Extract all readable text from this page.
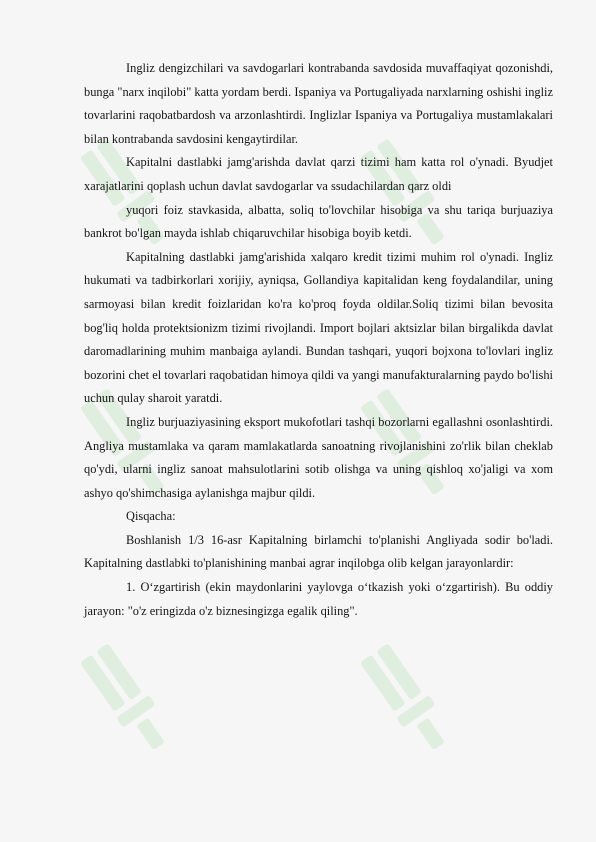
Ingliz dengizchilari va savdogarlari kontrabanda savdosida muvaffaqiyat qozonishdi, bunga "narx inqilobi" katta yordam berdi. Ispaniya va Portugaliyada narxlarning oshishi ingliz tovarlarini raqobatbardosh va arzonlashtirdi. Inglizlar Ispaniya va Portugaliya mustamlakalari bilan kontrabanda savdosini kengaytirdilar.

Kapitalni dastlabki jamg'arishda davlat qarzi tizimi ham katta rol o'ynadi. Byudjet xarajatlarini qoplash uchun davlat savdogarlar va ssudachilardan qarz oldi

yuqori foiz stavkasida, albatta, soliq to'lovchilar hisobiga va shu tariqa burjuaziya bankrot bo'lgan mayda ishlab chiqaruvchilar hisobiga boyib ketdi.

Kapitalning dastlabki jamg'arishida xalqaro kredit tizimi muhim rol o'ynadi. Ingliz hukumati va tadbirkorlari xorijiy, ayniqsa, Gollandiya kapitalidan keng foydalandilar, uning sarmoyasi bilan kredit foizlaridan ko'ra ko'proq foyda oldilar.Soliq tizimi bilan bevosita bog'liq holda protektsionizm tizimi rivojlandi. Import bojlari aktsizlar bilan birgalikda davlat daromadlarining muhim manbaiga aylandi. Bundan tashqari, yuqori bojxona to'lovlari ingliz bozorini chet el tovarlari raqobatidan himoya qildi va yangi manufakturalarning paydo bo'lishi uchun qulay sharoit yaratdi.

Ingliz burjuaziyasining eksport mukofotlari tashqi bozorlarni egallashni osonlashtirdi. Angliya mustamlaka va qaram mamlakatlarda sanoatning rivojlanishini zo'rlik bilan cheklab qo'ydi, ularni ingliz sanoat mahsulotlarini sotib olishga va uning qishloq xo'jaligi va xom ashyo qo'shimchasiga aylanishga majbur qildi.

Qisqacha:

Boshlanish 1/3 16-asr Kapitalning birlamchi to'planishi Angliyada sodir bo'ladi. Kapitalning dastlabki to'planishining manbai agrar inqilobga olib kelgan jarayonlardir:

1. O‘zgartirish (ekin maydonlarini yaylovga o‘tkazish yoki o‘zgartirish). Bu oddiy jarayon: "o'z eringizda o'z biznesingizga egalik qiling".
